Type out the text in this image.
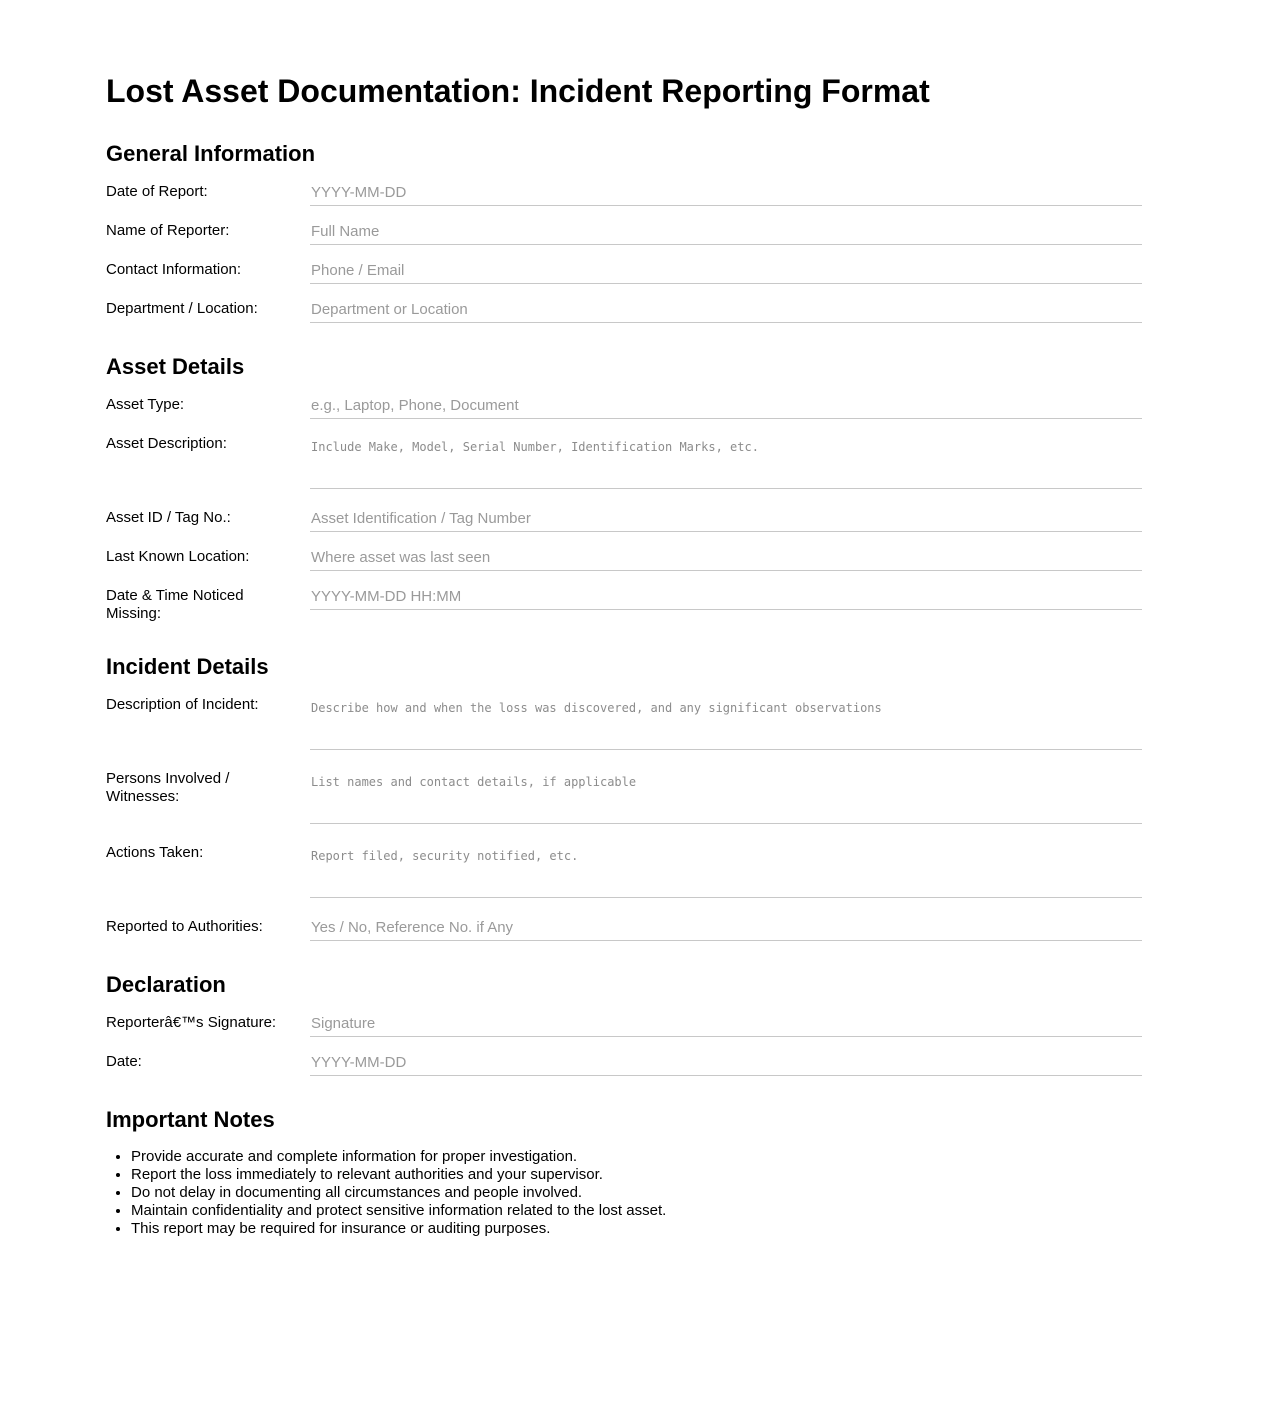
Lost Asset Documentation: Incident Reporting Format
General Information
Date of Report:
YYYY-MM-DD
Name of Reporter:
Full Name
Contact Information:
Phone / Email
Department / Location:
Department or Location
Asset Details
Asset Type:
e.g., Laptop, Phone, Document
Asset Description:
Include Make, Model, Serial Number, Identification Marks, etc.
Asset ID / Tag No.:
Asset Identification / Tag Number
Last Known Location:
Where asset was last seen
Date & Time Noticed Missing:
YYYY-MM-DD HH:MM
Incident Details
Description of Incident:
Describe how and when the loss was discovered, and any significant observations
Persons Involved / Witnesses:
List names and contact details, if applicable
Actions Taken:
Report filed, security notified, etc.
Reported to Authorities:
Yes / No, Reference No. if Any
Declaration
Reporterâ€™s Signature:
Signature
Date:
YYYY-MM-DD
Important Notes
• Provide accurate and complete information for proper investigation.
• Report the loss immediately to relevant authorities and your supervisor.
• Do not delay in documenting all circumstances and people involved.
• Maintain confidentiality and protect sensitive information related to the lost asset.
• This report may be required for insurance or auditing purposes.
